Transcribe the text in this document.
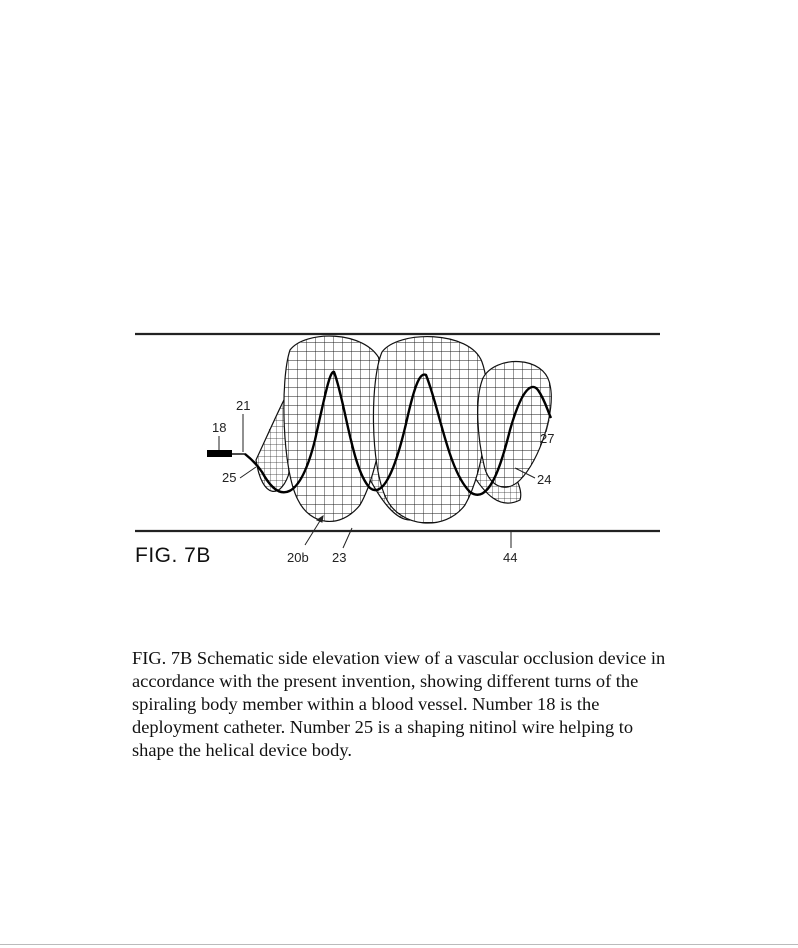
18
21
25
27
24
20b 23	44
FIG. 7B

FIG. 7B Schematic side elevation view of a vascular occlusion device in accordance with the present invention, showing different turns of the spiraling body member within a blood vessel. Number 18 is the deployment catheter. Number 25 is a shaping nitinol wire helping to shape the helical device body.
